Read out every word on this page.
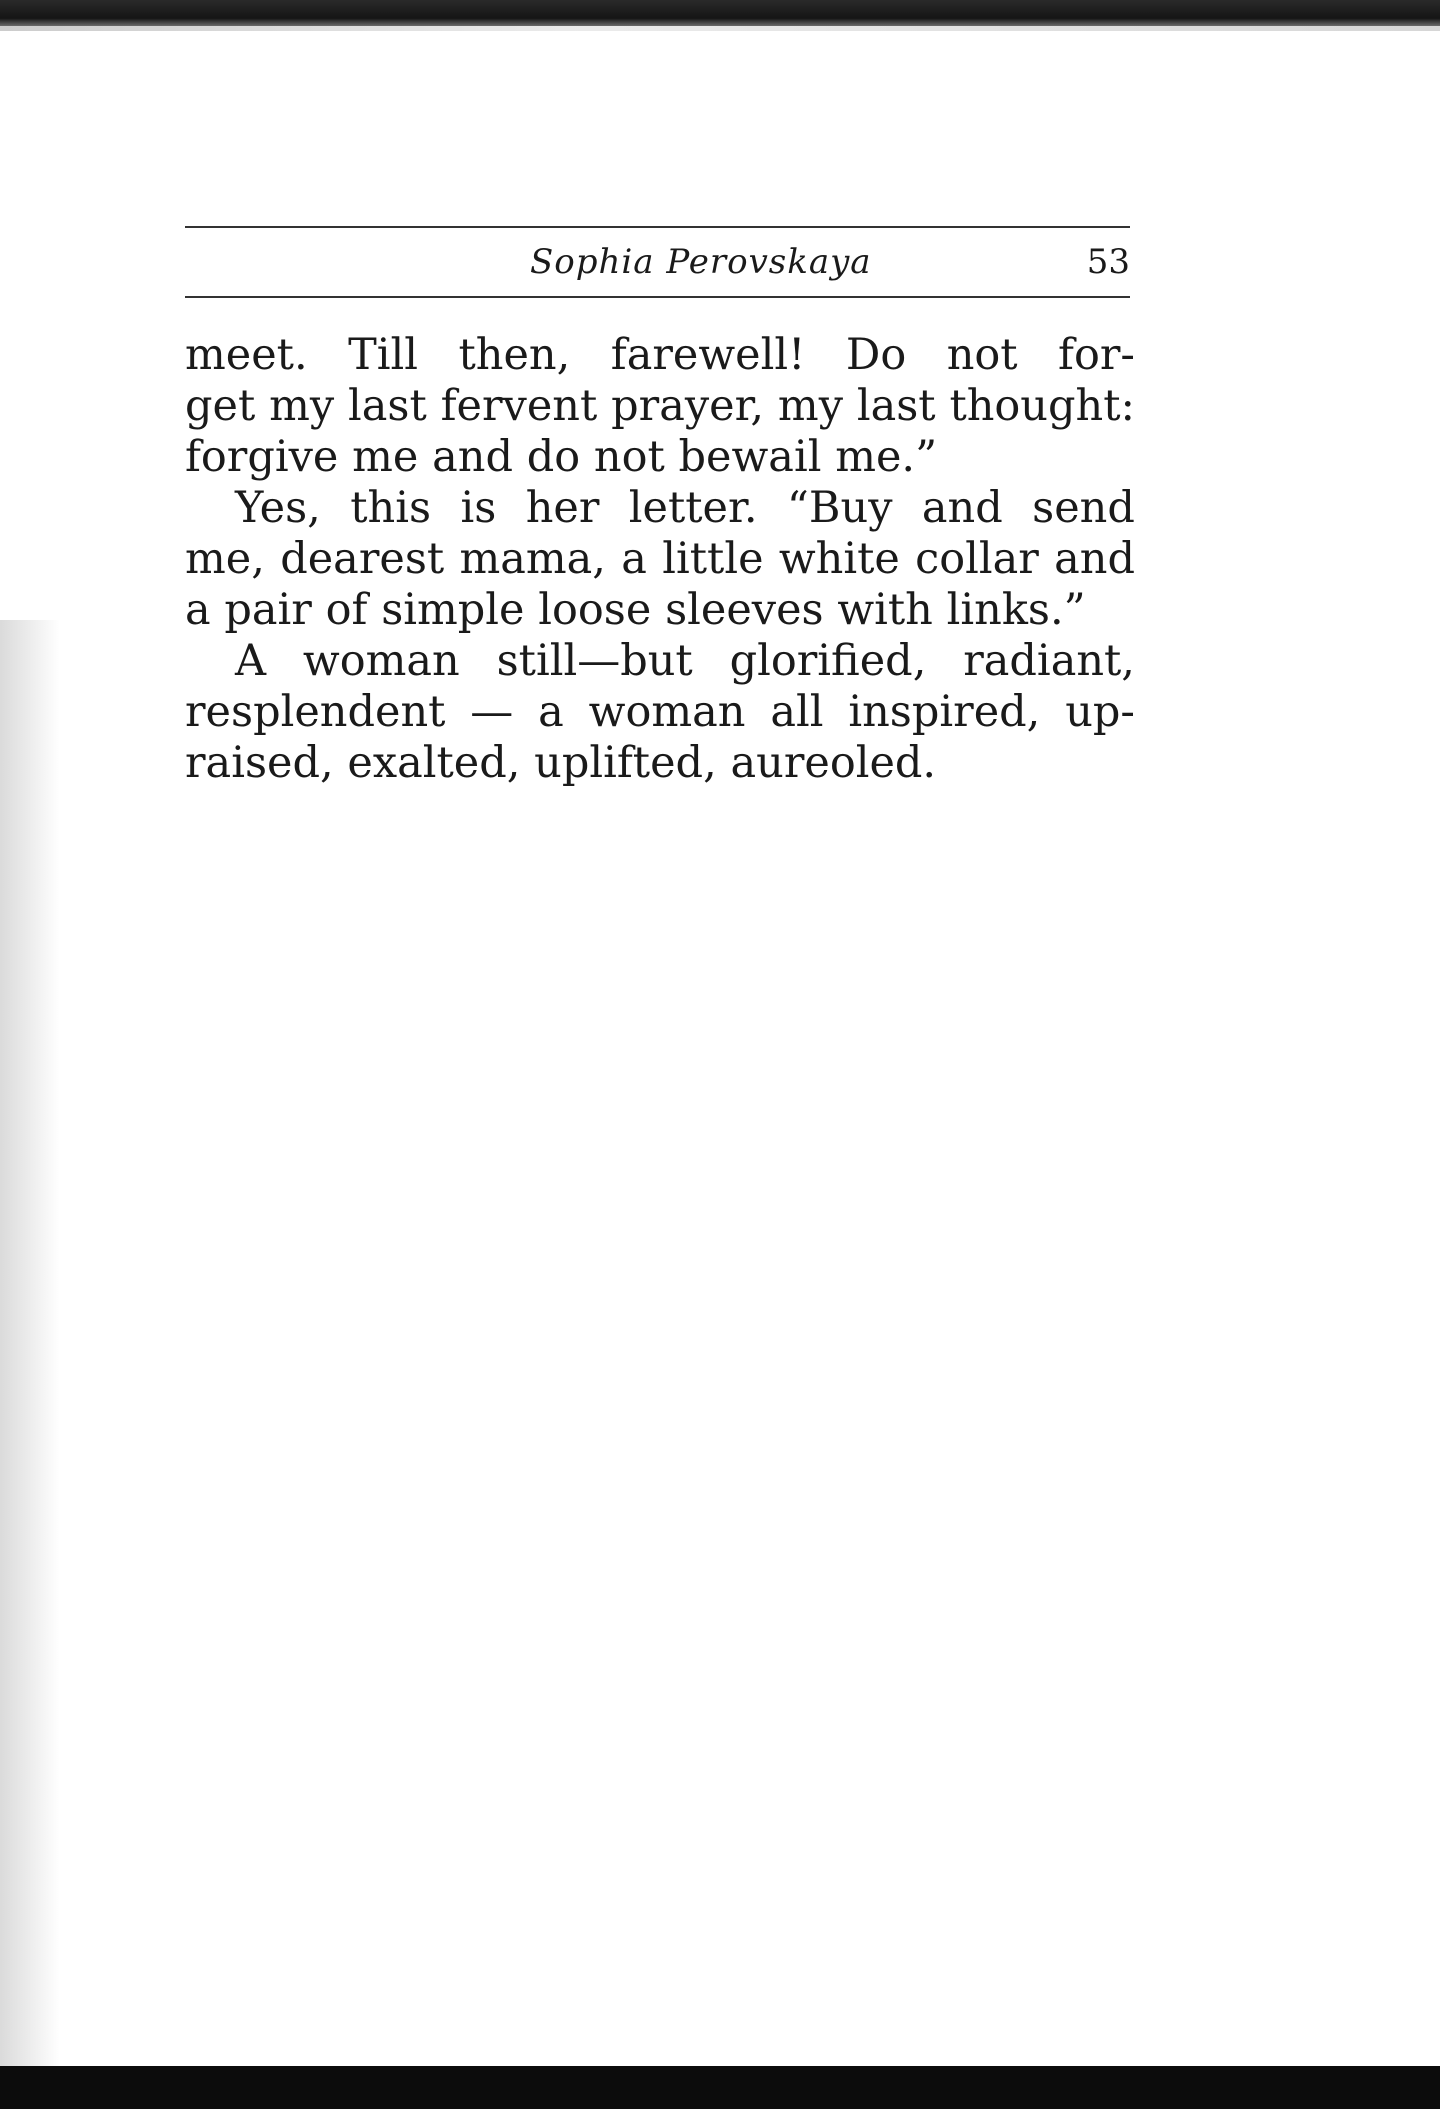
Sophia Perovskaya	53
meet. Till then, farewell! Do not for-
get my last fervent prayer, my last thought:
forgive me and do not bewail me.”
Yes, this is her letter. “Buy and send
me, dearest mama, a little white collar and
a pair of simple loose sleeves with links.”
A woman still—but glorified, radiant,
resplendent — a woman all inspired, up-
raised, exalted, uplifted, aureoled.
